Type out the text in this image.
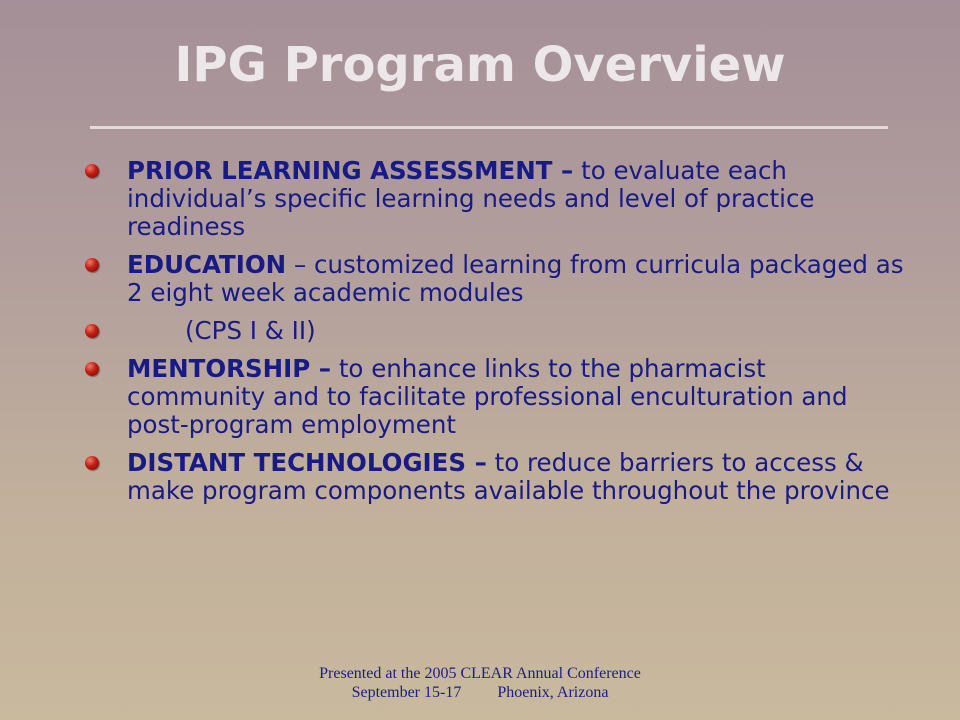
IPG Program Overview
PRIOR LEARNING ASSESSMENT – to evaluate each individual’s specific learning needs and level of practice readiness
EDUCATION – customized learning from curricula packaged as 2 eight week academic modules
(CPS I & II)
MENTORSHIP – to enhance links to the pharmacist community and to facilitate professional enculturation and post-program employment
DISTANT TECHNOLOGIES – to reduce barriers to access & make program components available throughout the province
Presented at the 2005 CLEAR Annual Conference
September 15-17 Phoenix, Arizona
